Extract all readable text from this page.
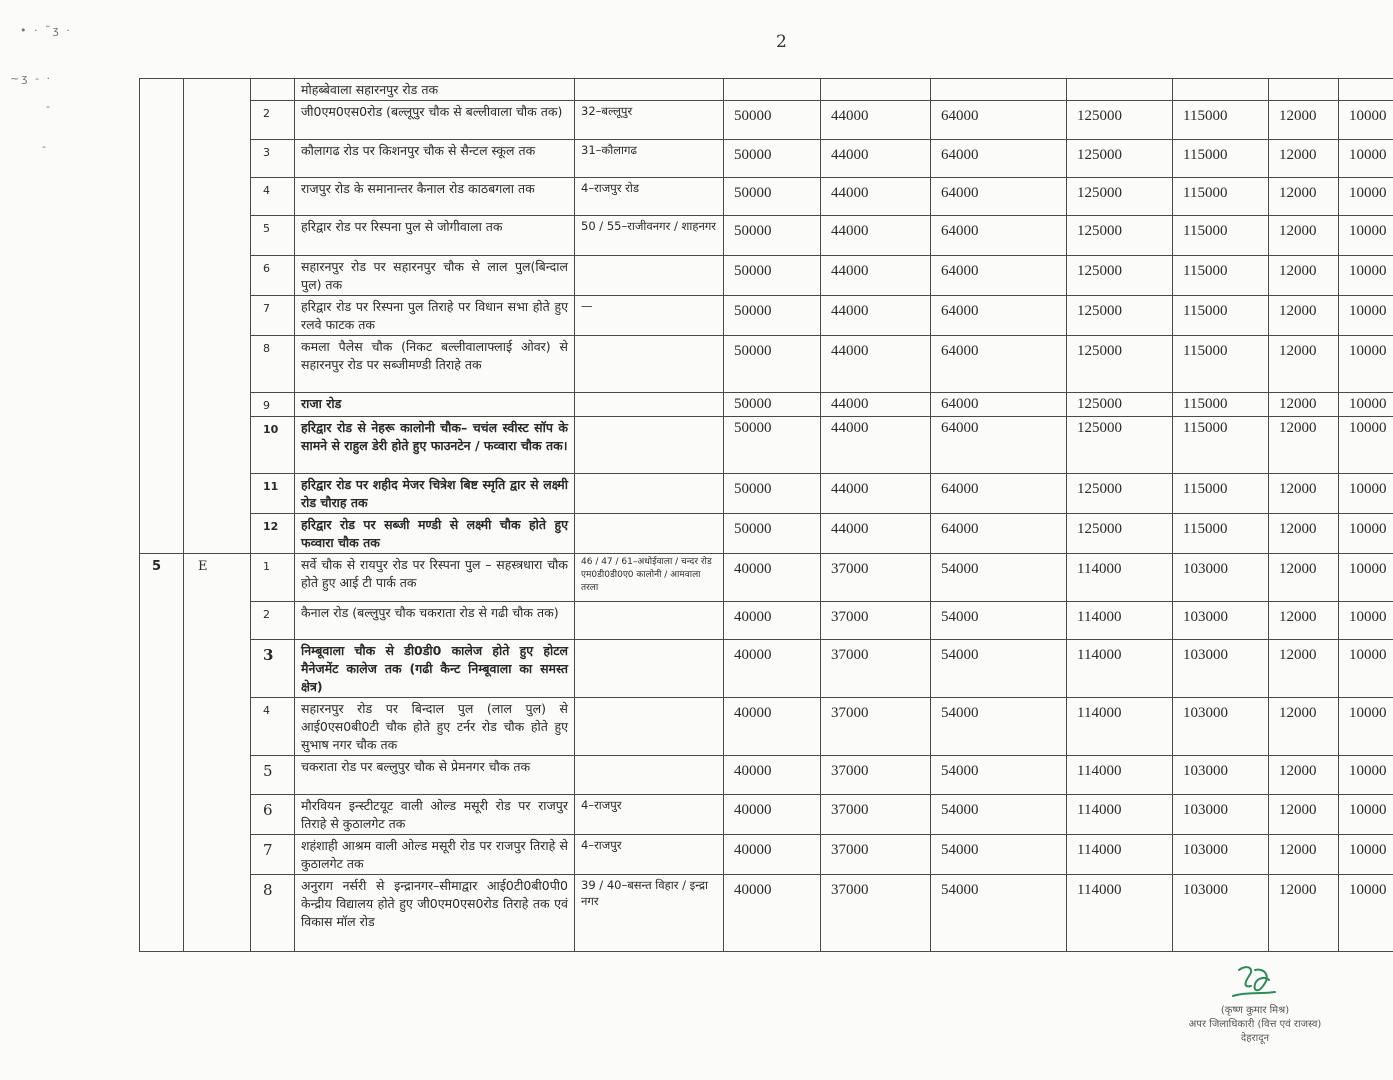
2
• · ˜ʒ ·
~ʒ - ·
-
-
			मोहब्बेवाला सहारनपुर रोड तक								
		2	जी0एम0एस0रोड (बल्लूपुर चौक से बल्लीवाला चौक तक)	32–बल्लूपुर	50000	44000	64000	125000	115000	12000	10000
		3	कौलागढ रोड पर किशनपुर चौक से सैन्टल स्कूल तक	31–कौलागढ	50000	44000	64000	125000	115000	12000	10000
		4	राजपुर रोड के समानान्तर कैनाल रोड काठबगला तक	4–राजपुर रोड	50000	44000	64000	125000	115000	12000	10000
		5	हरिद्वार रोड पर रिस्पना पुल से जोगीवाला तक	50 / 55–राजीवनगर / शाहनगर	50000	44000	64000	125000	115000	12000	10000
		6	सहारनपुर रोड पर सहारनपुर चौक से लाल पुल(बिन्दाल पुल) तक		50000	44000	64000	125000	115000	12000	10000
		7	हरिद्वार रोड पर रिस्पना पुल तिराहे पर विधान सभा होते हुए रलवे फाटक तक	—	50000	44000	64000	125000	115000	12000	10000
		8	कमला पैलेस चौक (निकट बल्लीवालाफ्लाई ओवर) से सहारनपुर रोड पर सब्जीमण्डी तिराहे तक		50000	44000	64000	125000	115000	12000	10000
		9	राजा रोड		50000	44000	64000	125000	115000	12000	10000
		10	हरिद्वार रोड से नेहरू कालोनी चौक– चचंल स्वीस्ट सॉप के सामने से राहुल डेरी होते हुए फाउनटेन / फव्वारा चौक तक।		50000	44000	64000	125000	115000	12000	10000
		11	हरिद्वार रोड पर शहीद मेजर चित्रेश बिष्ट स्मृति द्वार से लक्ष्मी रोड चौराह तक		50000	44000	64000	125000	115000	12000	10000
		12	हरिद्वार रोड पर सब्जी मण्डी से लक्ष्मी चौक होते हुए फव्वारा चौक तक		50000	44000	64000	125000	115000	12000	10000
5	E	1	सर्वे चौक से रायपुर रोड पर रिस्पना पुल – सहस्त्रधारा चौक होते हुए आई टी पार्क तक	46 / 47 / 61–अधोईवाला / चन्दर रोड एम0डी0डी0ए0 कालोनी / आमवाला तरला	40000	37000	54000	114000	103000	12000	10000
		2	कैनाल रोड (बल्लुपुर चौक चकराता रोड से गढी चौक तक)		40000	37000	54000	114000	103000	12000	10000
		3	निम्बूवाला चौक से डी0डी0 कालेज होते हुए होटल मैनेजमेंट कालेज तक (गढी कैन्ट निम्बूवाला का समस्त क्षेत्र)		40000	37000	54000	114000	103000	12000	10000
		4	सहारनपुर रोड पर बिन्दाल पुल (लाल पुल) से आई0एस0बी0टी चौक होते हुए टर्नर रोड चौक होते हुए सुभाष नगर चौक तक		40000	37000	54000	114000	103000	12000	10000
		5	चकराता रोड पर बल्लुपुर चौक से प्रेमनगर चौक तक		40000	37000	54000	114000	103000	12000	10000
		6	मौरवियन इन्स्टीटयूट वाली ओल्ड मसूरी रोड पर राजपुर तिराहे से कुठालगेट तक	4–राजपुर	40000	37000	54000	114000	103000	12000	10000
		7	शहंशाही आश्रम वाली ओल्ड मसूरी रोड पर राजपुर तिराहे से कुठालगेट तक	4–राजपुर	40000	37000	54000	114000	103000	12000	10000
		8	अनुराग नर्सरी से इन्द्रानगर–सीमाद्वार आई0टी0बी0पी0 केन्द्रीय विद्यालय होते हुए जी0एम0एस0रोड तिराहे तक एवं विकास मॉल रोड	39 / 40–बसन्त विहार / इन्द्रा नगर	40000	37000	54000	114000	103000	12000	10000
(कृष्ण कुमार मिश्र)
अपर जिलाधिकारी (वित्त एवं राजस्व)
देहरादून
